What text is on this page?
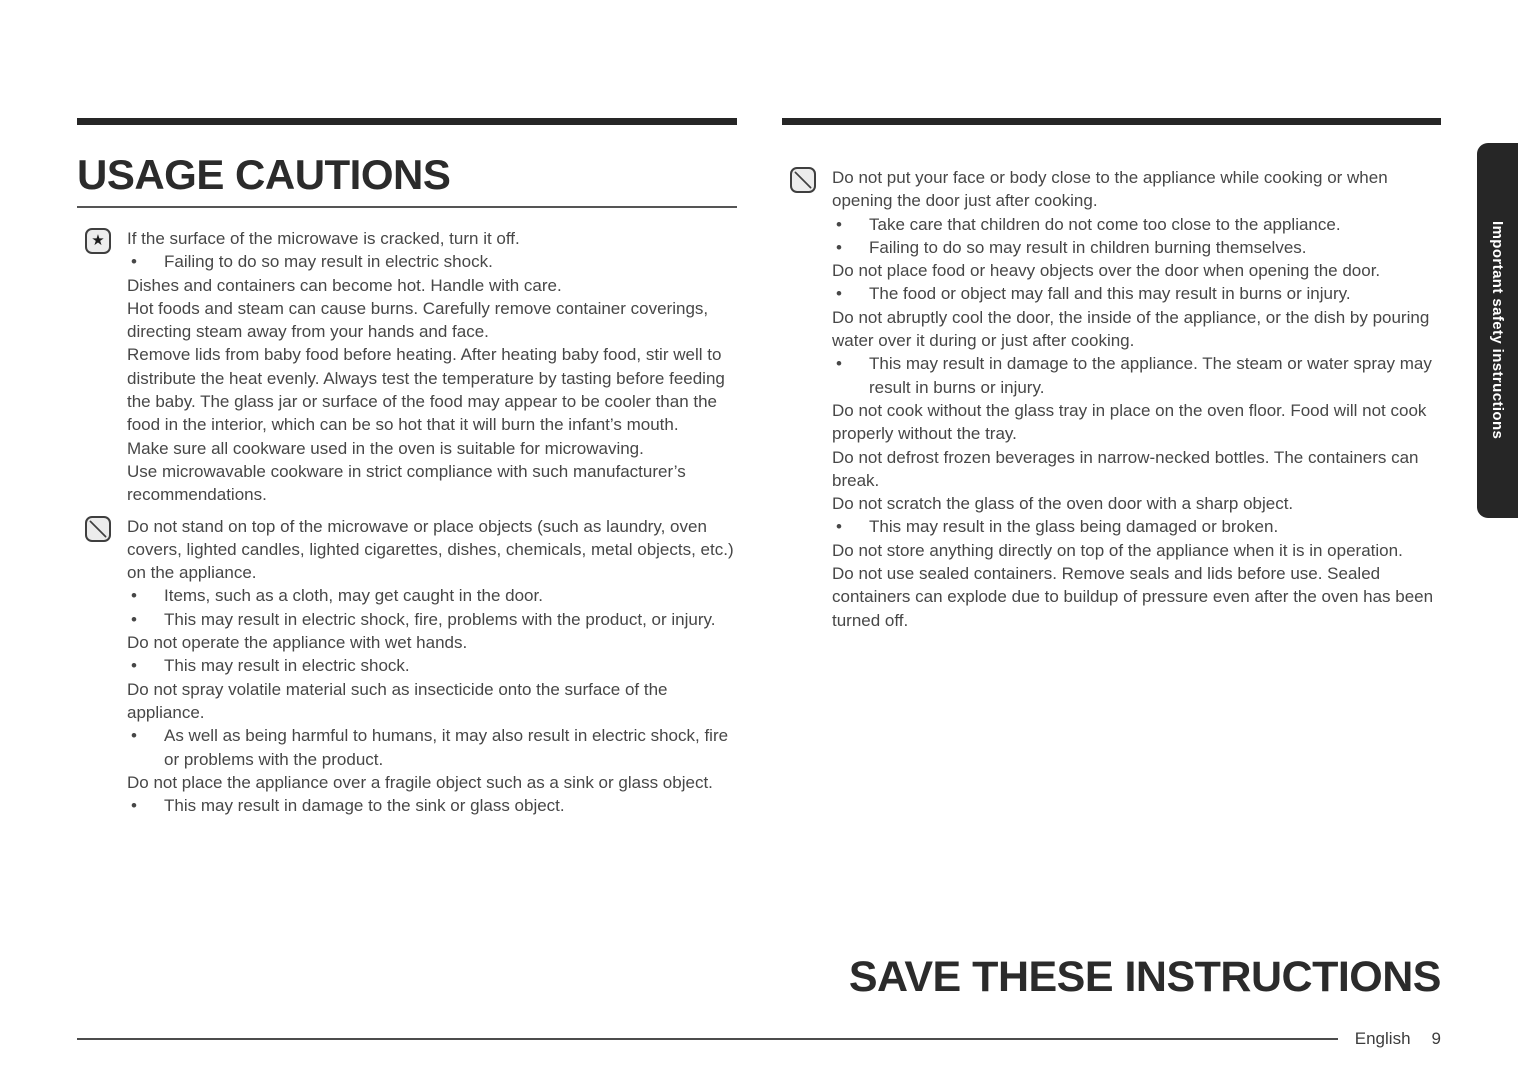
USAGE CAUTIONS
★	If the surface of the microwave is cracked, turn it off.

• Failing to do so may result in electric shock.

Dishes and containers can become hot. Handle with care.

Hot foods and steam can cause burns. Carefully remove container coverings, directing steam away from your hands and face.

Remove lids from baby food before heating. After heating baby food, stir well to distribute the heat evenly. Always test the temperature by tasting before feeding the baby. The glass jar or surface of the food may appear to be cooler than the food in the interior, which can be so hot that it will burn the infant’s mouth.

Make sure all cookware used in the oven is suitable for microwaving.

Use microwavable cookware in strict compliance with such manufacturer’s recommendations.

Do not stand on top of the microwave or place objects (such as laundry, oven covers, lighted candles, lighted cigarettes, dishes, chemicals, metal objects, etc.) on the appliance.

• Items, such as a cloth, may get caught in the door.
• This may result in electric shock, fire, problems with the product, or injury.

Do not operate the appliance with wet hands.

• This may result in electric shock.

Do not spray volatile material such as insecticide onto the surface of the appliance.

• As well as being harmful to humans, it may also result in electric shock, fire or problems with the product.

Do not place the appliance over a fragile object such as a sink or glass object.

• This may result in damage to the sink or glass object.

Do not put your face or body close to the appliance while cooking or when opening the door just after cooking.

• Take care that children do not come too close to the appliance.
• Failing to do so may result in children burning themselves.

Do not place food or heavy objects over the door when opening the door.

• The food or object may fall and this may result in burns or injury.

Do not abruptly cool the door, the inside of the appliance, or the dish by pouring water over it during or just after cooking.

• This may result in damage to the appliance. The steam or water spray may result in burns or injury.

Do not cook without the glass tray in place on the oven floor. Food will not cook properly without the tray.

Do not defrost frozen beverages in narrow-necked bottles. The containers can break.

Do not scratch the glass of the oven door with a sharp object.

• This may result in the glass being damaged or broken.

Do not store anything directly on top of the appliance when it is in operation.

Do not use sealed containers. Remove seals and lids before use. Sealed containers can explode due to buildup of pressure even after the oven has been turned off.

Important safety instructions
SAVE THESE INSTRUCTIONS
English 9
